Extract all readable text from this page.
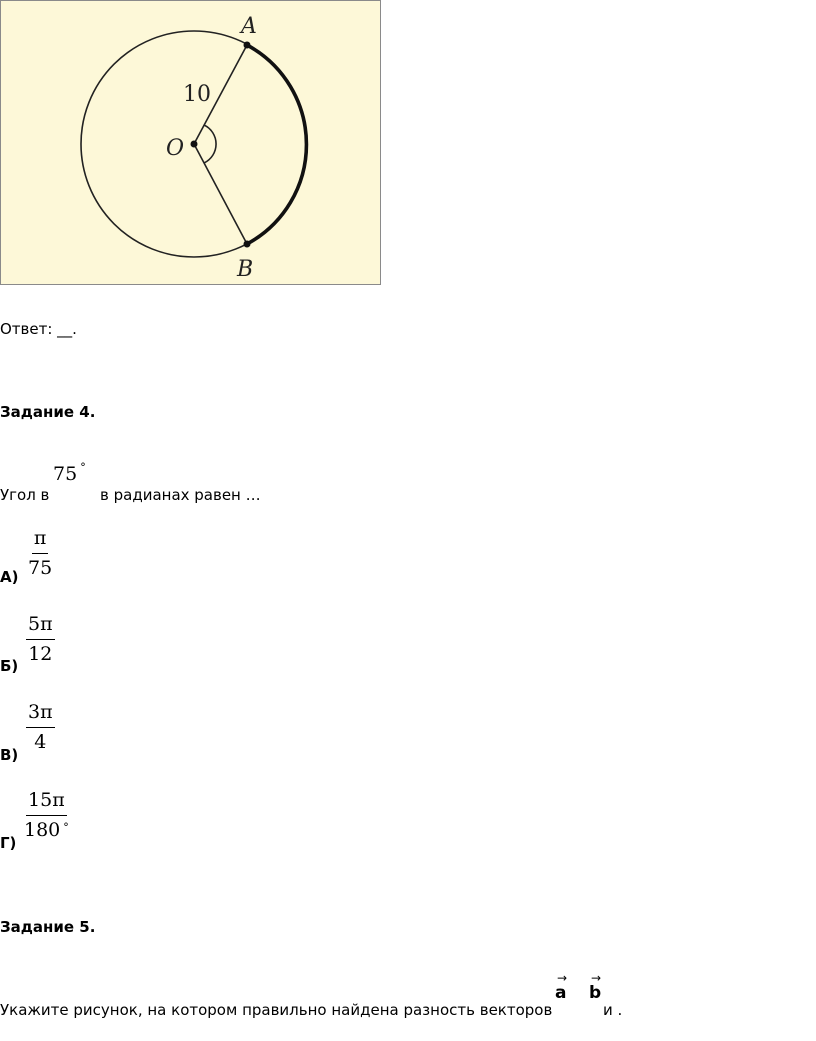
A
O
B
10
Ответ: __.
Задание 4.
Угол в
75 °
в радианах равен …
$А) \frac{\pi}{75}$
$Б) \frac{5\pi}{12}$
В)
$\frac{3\pi}{4}$
Г)
$\frac{15\pi}{180 ^\circ}$
Задание 5.
Укажите рисунок, на котором правильно найдена разность векторов
→
a
→
b
и .
